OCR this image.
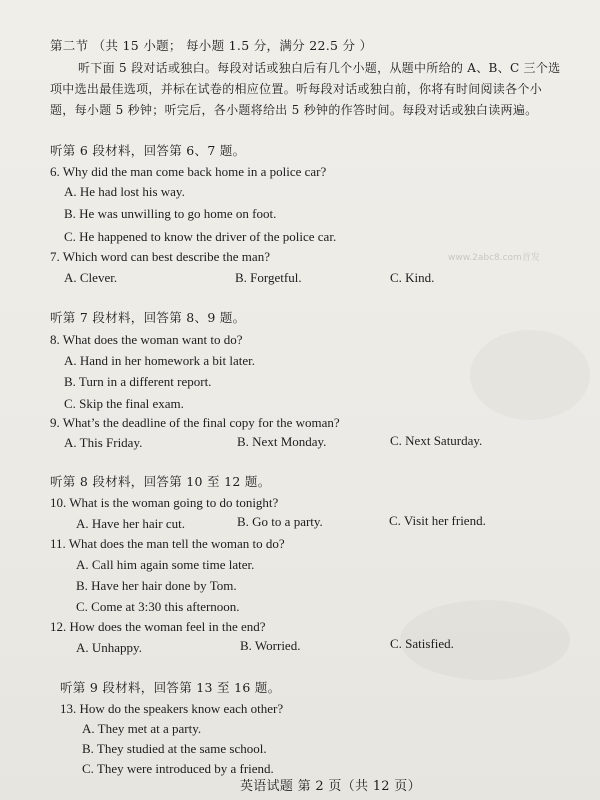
第二节 （共 15 小题； 每小题 1.5 分，满分 22.5 分 ）
听下面 5 段对话或独白。每段对话或独白后有几个小题，从题中所给的 A、B、C 三个选
项中选出最佳选项，并标在试卷的相应位置。听每段对话或独白前，你将有时间阅读各个小
题，每小题 5 秒钟；听完后，各小题将给出 5 秒钟的作答时间。每段对话或独白读两遍。
听第 6 段材料，回答第 6、7 题。
6. Why did the man come back home in a police car?
A. He had lost his way.
B. He was unwilling to go home on foot.
C. He happened to know the driver of the police car.
7. Which word can best describe the man?
A. Clever.	B. Forgetful.	C. Kind.
www.2abc8.com首发
听第 7 段材料，回答第 8、9 题。
8. What does the woman want to do?
A. Hand in her homework a bit later.
B. Turn in a different report.
C. Skip the final exam.
9. What’s the deadline of the final copy for the woman?
A. This Friday.	B. Next Monday.	C. Next Saturday.
听第 8 段材料，回答第 10 至 12 题。
10. What is the woman going to do tonight?
A. Have her hair cut.	B. Go to a party.	C. Visit her friend.
11. What does the man tell the woman to do?
A. Call him again some time later.
B. Have her hair done by Tom.
C. Come at 3:30 this afternoon.
12. How does the woman feel in the end?
A. Unhappy.	B. Worried.	C. Satisfied.
听第 9 段材料，回答第 13 至 16 题。
13. How do the speakers know each other?
A. They met at a party.
B. They studied at the same school.
C. They were introduced by a friend.
英语试题 第 2 页（共 12 页）
